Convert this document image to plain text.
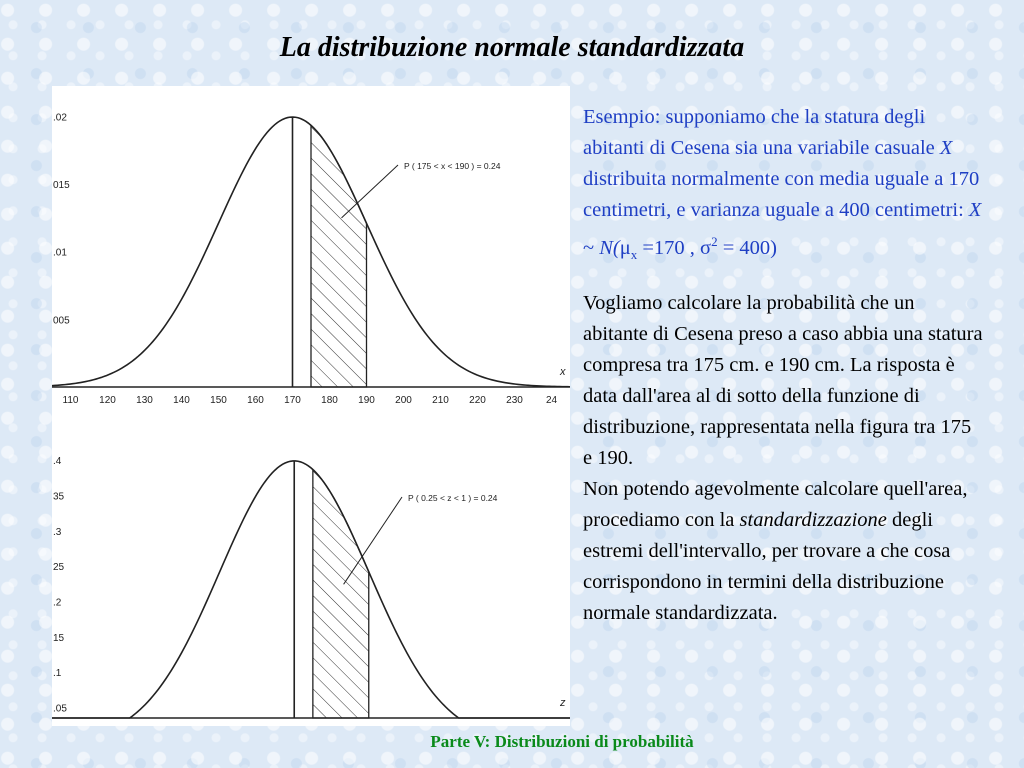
La distribuzione normale standardizzata
.02
015
.01
005
110 120 130 140 150 160 170 180 190 200 210 220 230 24
x
P ( 175 < x < 190 ) = 0.24
.4
35
.3
25
.2
15
.1
.05	z
P ( 0.25 < z < 1 ) = 0.24

Esempio: supponiamo che la statura degli abitanti di Cesena sia una variabile casuale X distribuita normalmente con media uguale a 170 centimetri, e varianza uguale a 400 centimetri: X ~ $N(\mu_x =170$ , $\sigma^2 = 400$)

Vogliamo calcolare la probabilità che un abitante di Cesena preso a caso abbia una statura compresa tra 175 cm. e 190 cm. La risposta è data dall'area al di sotto della funzione di distribuzione, rappresentata nella figura tra 175 e 190.

Non potendo agevolmente calcolare quell'area, procediamo con la standardizzazione degli estremi dell'intervallo, per trovare a che cosa corrispondono in termini della distribuzione normale standardizzata.

Parte V: Distribuzioni di probabilità
